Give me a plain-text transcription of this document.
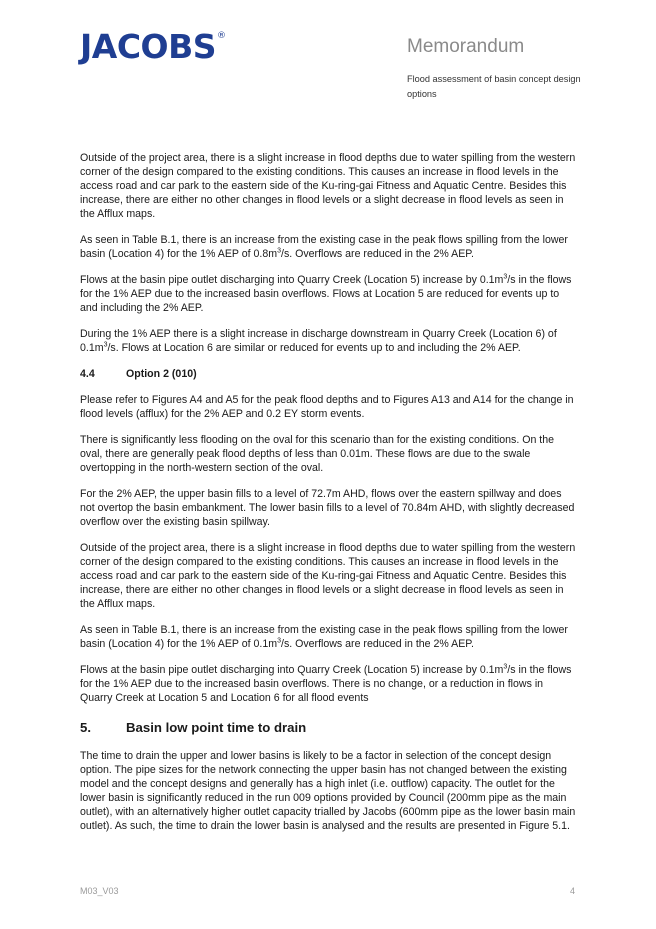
JACOBS®	Memorandum
Flood assessment of basin concept design options

Outside of the project area, there is a slight increase in flood depths due to water spilling from the western corner of the design compared to the existing conditions. This causes an increase in flood levels in the access road and car park to the eastern side of the Ku-ring-gai Fitness and Aquatic Centre. Besides this increase, there are either no other changes in flood levels or a slight decrease in flood levels as seen in the Afflux maps.

As seen in Table B.1, there is an increase from the existing case in the peak flows spilling from the lower basin (Location 4) for the 1% AEP of $0.8m^3/s$. Overflows are reduced in the 2% AEP.

Flows at the basin pipe outlet discharging into Quarry Creek (Location 5) increase by $0.1m^3/s$ in the flows for the 1% AEP due to the increased basin overflows. Flows at Location 5 are reduced for events up to and including the 2% AEP.

During the 1% AEP there is a slight increase in discharge downstream in Quarry Creek (Location 6) of $0.1m^3/s$. Flows at Location 6 are similar or reduced for events up to and including the 2% AEP.

4.4	Option 2 (010)

Please refer to Figures A4 and A5 for the peak flood depths and to Figures A13 and A14 for the change in flood levels (afflux) for the 2% AEP and 0.2 EY storm events.

There is significantly less flooding on the oval for this scenario than for the existing conditions. On the oval, there are generally peak flood depths of less than 0.01m. These flows are due to the swale overtopping in the north-western section of the oval.

For the 2% AEP, the upper basin fills to a level of 72.7m AHD, flows over the eastern spillway and does not overtop the basin embankment. The lower basin fills to a level of 70.84m AHD, with slightly decreased overflow over the existing basin spillway.

Outside of the project area, there is a slight increase in flood depths due to water spilling from the western corner of the design compared to the existing conditions. This causes an increase in flood levels in the access road and car park to the eastern side of the Ku-ring-gai Fitness and Aquatic Centre. Besides this increase, there are either no other changes in flood levels or a slight decrease in flood levels as seen in the Afflux maps.

As seen in Table B.1, there is an increase from the existing case in the peak flows spilling from the lower basin (Location 4) for the 1% AEP of $0.1m^3/s$. Overflows are reduced in the 2% AEP.

Flows at the basin pipe outlet discharging into Quarry Creek (Location 5) increase by $0.1m^3/s$ in the flows for the 1% AEP due to the increased basin overflows. There is no change, or a reduction in flows in Quarry Creek at Location 5 and Location 6 for all flood events

5.	Basin low point time to drain

The time to drain the upper and lower basins is likely to be a factor in selection of the concept design option. The pipe sizes for the network connecting the upper basin has not changed between the existing model and the concept designs and generally has a high inlet (i.e. outflow) capacity. The outlet for the lower basin is significantly reduced in the run 009 options provided by Council (200mm pipe as the main outlet), with an alternatively higher outlet capacity trialled by Jacobs (600mm pipe as the lower basin main outlet). As such, the time to drain the lower basin is analysed and the results are presented in Figure 5.1.

M03_V03	4
